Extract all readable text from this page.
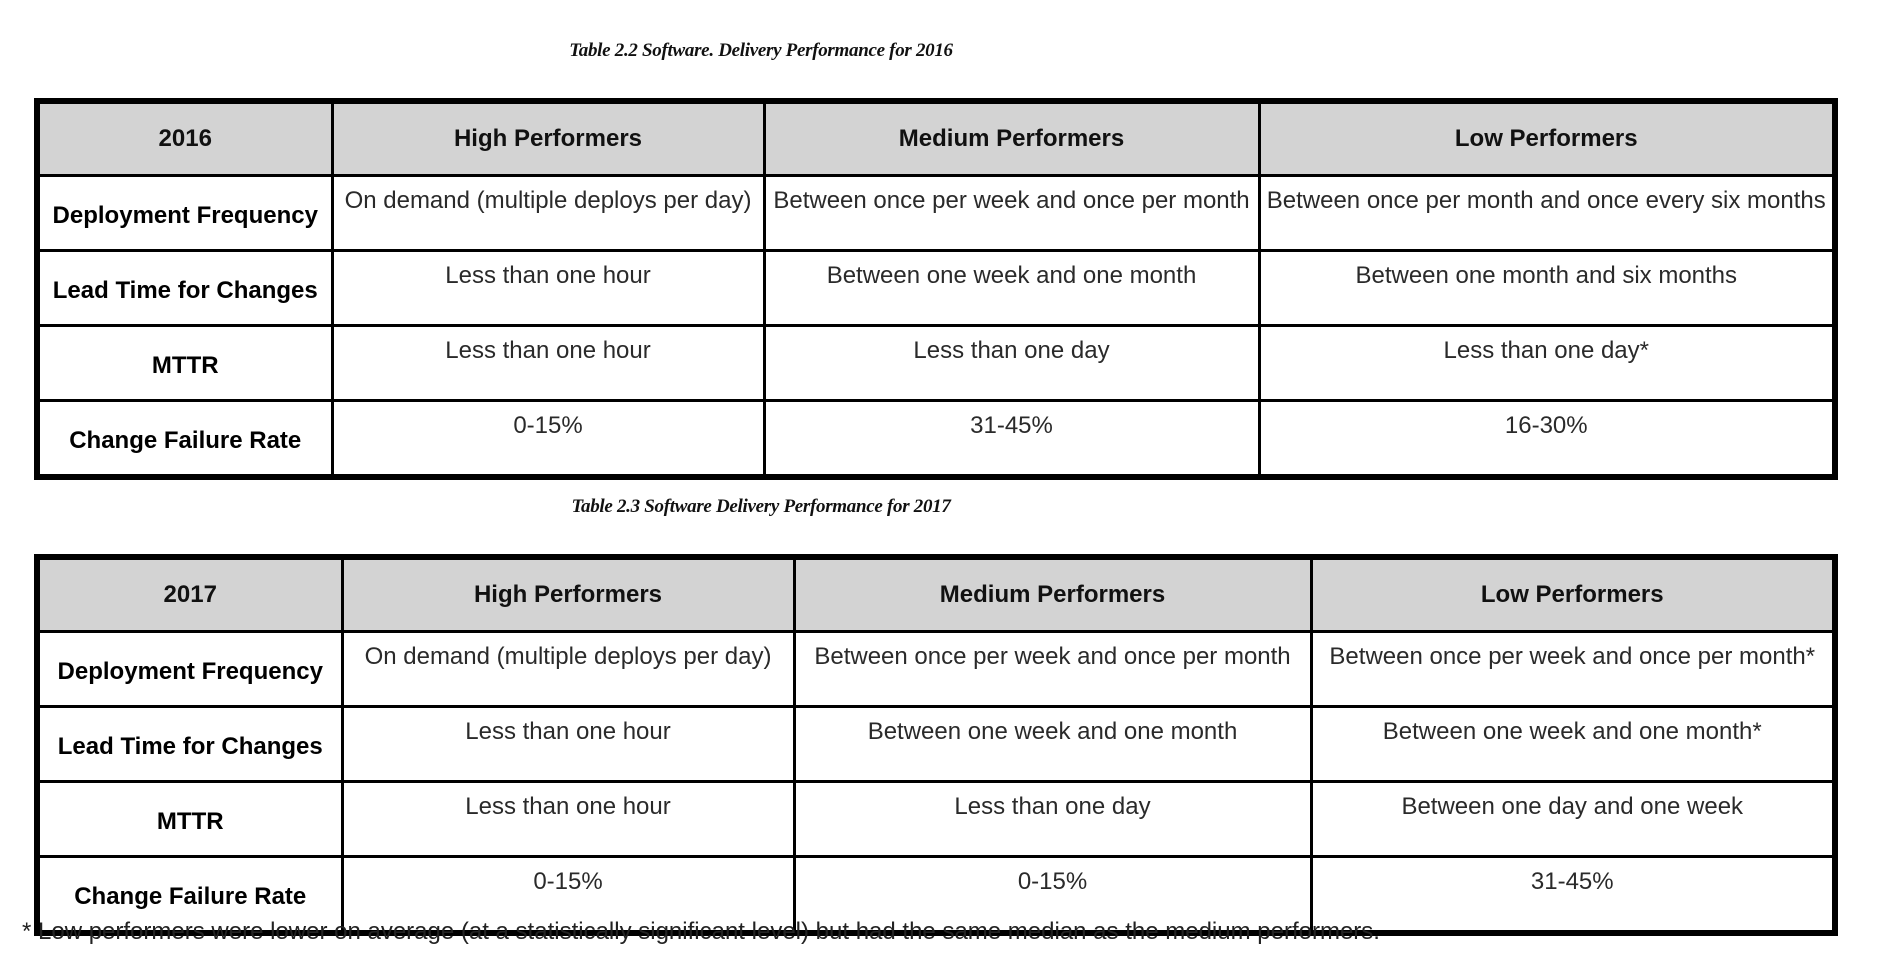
Table 2.2 Software. Delivery Performance for 2016
2016	High Performers	Medium Performers	Low Performers
Deployment Frequency	On demand (multiple deploys per day)	Between once per week and once per month	Between once per month and once every six months
Lead Time for Changes	Less than one hour	Between one week and one month	Between one month and six months
MTTR	Less than one hour	Less than one day	Less than one day*
Change Failure Rate	0-15%	31-45%	16-30%
Table 2.3 Software Delivery Performance for 2017
2017	High Performers	Medium Performers	Low Performers
Deployment Frequency	On demand (multiple deploys per day)	Between once per week and once per month	Between once per week and once per month*
Lead Time for Changes	Less than one hour	Between one week and one month	Between one week and one month*
MTTR	Less than one hour	Less than one day	Between one day and one week
Change Failure Rate	0-15%	0-15%	31-45%
* Low performers were lower on average (at a statistically significant level) but had the same median as the medium performers.
